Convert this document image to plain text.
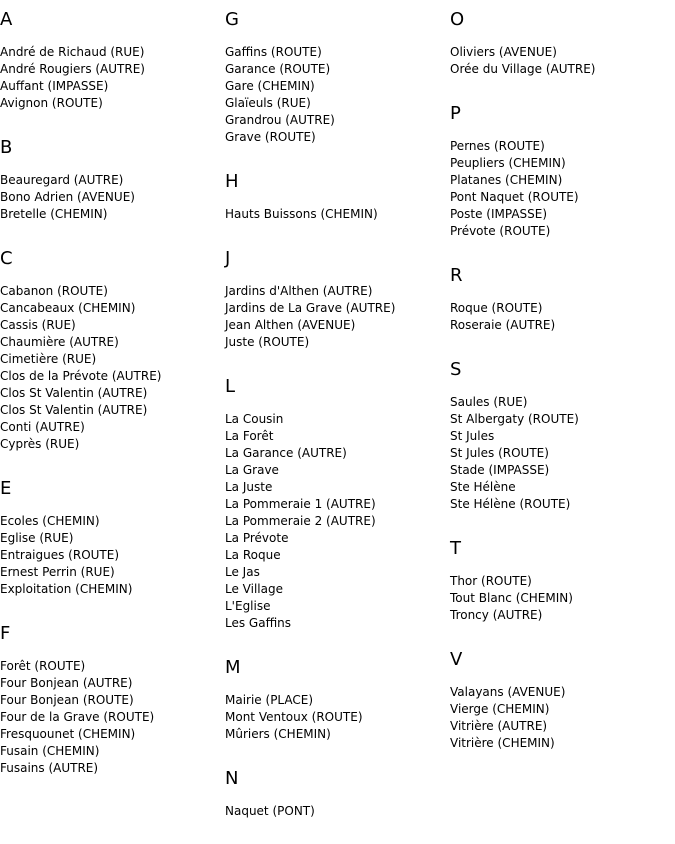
A
André de Richaud (RUE)
André Rougiers (AUTRE)
Auffant (IMPASSE)
Avignon (ROUTE)
B
Beauregard (AUTRE)
Bono Adrien (AVENUE)
Bretelle (CHEMIN)
C
Cabanon (ROUTE)
Cancabeaux (CHEMIN)
Cassis (RUE)
Chaumière (AUTRE)
Cimetière (RUE)
Clos de la Prévote (AUTRE)
Clos St Valentin (AUTRE)
Clos St Valentin (AUTRE)
Conti (AUTRE)
Cyprès (RUE)
E
Ecoles (CHEMIN)
Eglise (RUE)
Entraigues (ROUTE)
Ernest Perrin (RUE)
Exploitation (CHEMIN)
F
Forêt (ROUTE)
Four Bonjean (AUTRE)
Four Bonjean (ROUTE)
Four de la Grave (ROUTE)
Fresquounet (CHEMIN)
Fusain (CHEMIN)
Fusains (AUTRE)
G
Gaffins (ROUTE)
Garance (ROUTE)
Gare (CHEMIN)
Glaïeuls (RUE)
Grandrou (AUTRE)
Grave (ROUTE)
H
Hauts Buissons (CHEMIN)
J
Jardins d'Althen (AUTRE)
Jardins de La Grave (AUTRE)
Jean Althen (AVENUE)
Juste (ROUTE)
L
La Cousin
La Forêt
La Garance (AUTRE)
La Grave
La Juste
La Pommeraie 1 (AUTRE)
La Pommeraie 2 (AUTRE)
La Prévote
La Roque
Le Jas
Le Village
L'Eglise
Les Gaffins
M
Mairie (PLACE)
Mont Ventoux (ROUTE)
Mûriers (CHEMIN)
N
Naquet (PONT)
O
Oliviers (AVENUE)
Orée du Village (AUTRE)
P
Pernes (ROUTE)
Peupliers (CHEMIN)
Platanes (CHEMIN)
Pont Naquet (ROUTE)
Poste (IMPASSE)
Prévote (ROUTE)
R
Roque (ROUTE)
Roseraie (AUTRE)
S
Saules (RUE)
St Albergaty (ROUTE)
St Jules
St Jules (ROUTE)
Stade (IMPASSE)
Ste Hélène
Ste Hélène (ROUTE)
T
Thor (ROUTE)
Tout Blanc (CHEMIN)
Troncy (AUTRE)
V
Valayans (AVENUE)
Vierge (CHEMIN)
Vitrière (AUTRE)
Vitrière (CHEMIN)
